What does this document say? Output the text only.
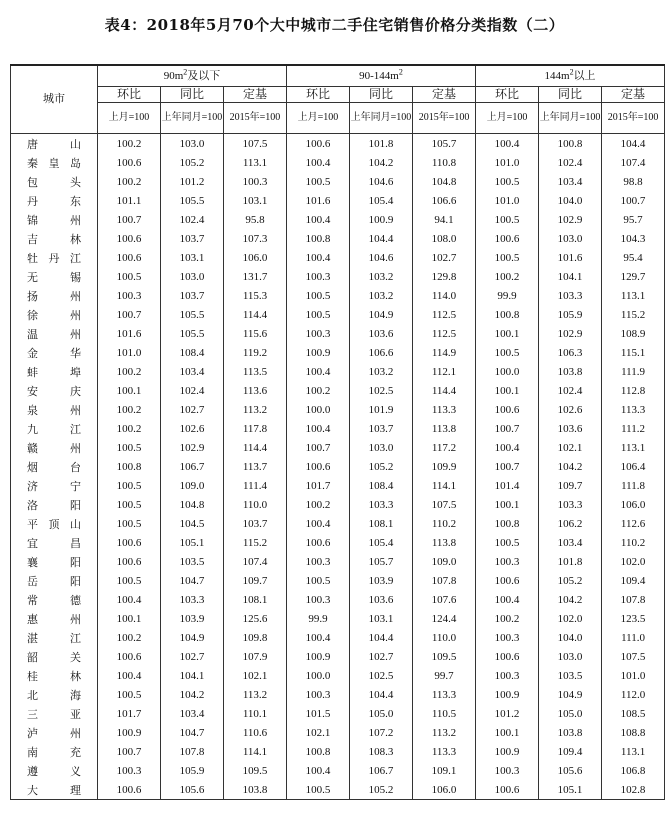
表4：2018年5月70个大中城市二手住宅销售价格分类指数（二）
城市	$90m^2$及以下			$90-144m^2$			$144m^2$以上		
	环比	同比	定基	环比	同比	定基	环比	同比	定基
	上月=100	上年同月=100	2015年=100	上月=100	上年同月=100	2015年=100	上月=100	上年同月=100	2015年=100
唐山	100.2	103.0	107.5	100.6	101.8	105.7	100.4	100.8	104.4
秦皇岛	100.6	105.2	113.1	100.4	104.2	110.8	101.0	102.4	107.4
包头	100.2	101.2	100.3	100.5	104.6	104.8	100.5	103.4	98.8
丹东	101.1	105.5	103.1	101.6	105.4	106.6	101.0	104.0	100.7
锦州	100.7	102.4	95.8	100.4	100.9	94.1	100.5	102.9	95.7
吉林	100.6	103.7	107.3	100.8	104.4	108.0	100.6	103.0	104.3
牡丹江	100.6	103.1	106.0	100.4	104.6	102.7	100.5	101.6	95.4
无锡	100.5	103.0	131.7	100.3	103.2	129.8	100.2	104.1	129.7
扬州	100.3	103.7	115.3	100.5	103.2	114.0	99.9	103.3	113.1
徐州	100.7	105.5	114.4	100.5	104.9	112.5	100.8	105.9	115.2
温州	101.6	105.5	115.6	100.3	103.6	112.5	100.1	102.9	108.9
金华	101.0	108.4	119.2	100.9	106.6	114.9	100.5	106.3	115.1
蚌埠	100.2	103.4	113.5	100.4	103.2	112.1	100.0	103.8	111.9
安庆	100.1	102.4	113.6	100.2	102.5	114.4	100.1	102.4	112.8
泉州	100.2	102.7	113.2	100.0	101.9	113.3	100.6	102.6	113.3
九江	100.2	102.6	117.8	100.4	103.7	113.8	100.7	103.6	111.2
赣州	100.5	102.9	114.4	100.7	103.0	117.2	100.4	102.1	113.1
烟台	100.8	106.7	113.7	100.6	105.2	109.9	100.7	104.2	106.4
济宁	100.5	109.0	111.4	101.7	108.4	114.1	101.4	109.7	111.8
洛阳	100.5	104.8	110.0	100.2	103.3	107.5	100.1	103.3	106.0
平顶山	100.5	104.5	103.7	100.4	108.1	110.2	100.8	106.2	112.6
宜昌	100.6	105.1	115.2	100.6	105.4	113.8	100.5	103.4	110.2
襄阳	100.6	103.5	107.4	100.3	105.7	109.0	100.3	101.8	102.0
岳阳	100.5	104.7	109.7	100.5	103.9	107.8	100.6	105.2	109.4
常德	100.4	103.3	108.1	100.3	103.6	107.6	100.4	104.2	107.8
惠州	100.1	103.9	125.6	99.9	103.1	124.4	100.2	102.0	123.5
湛江	100.2	104.9	109.8	100.4	104.4	110.0	100.3	104.0	111.0
韶关	100.6	102.7	107.9	100.9	102.7	109.5	100.6	103.0	107.5
桂林	100.4	104.1	102.1	100.0	102.5	99.7	100.3	103.5	101.0
北海	100.5	104.2	113.2	100.3	104.4	113.3	100.9	104.9	112.0
三亚	101.7	103.4	110.1	101.5	105.0	110.5	101.2	105.0	108.5
泸州	100.9	104.7	110.6	102.1	107.2	113.2	100.1	103.8	108.8
南充	100.7	107.8	114.1	100.8	108.3	113.3	100.9	109.4	113.1
遵义	100.3	105.9	109.5	100.4	106.7	109.1	100.3	105.6	106.8
大理	100.6	105.6	103.8	100.5	105.2	106.0	100.6	105.1	102.8
